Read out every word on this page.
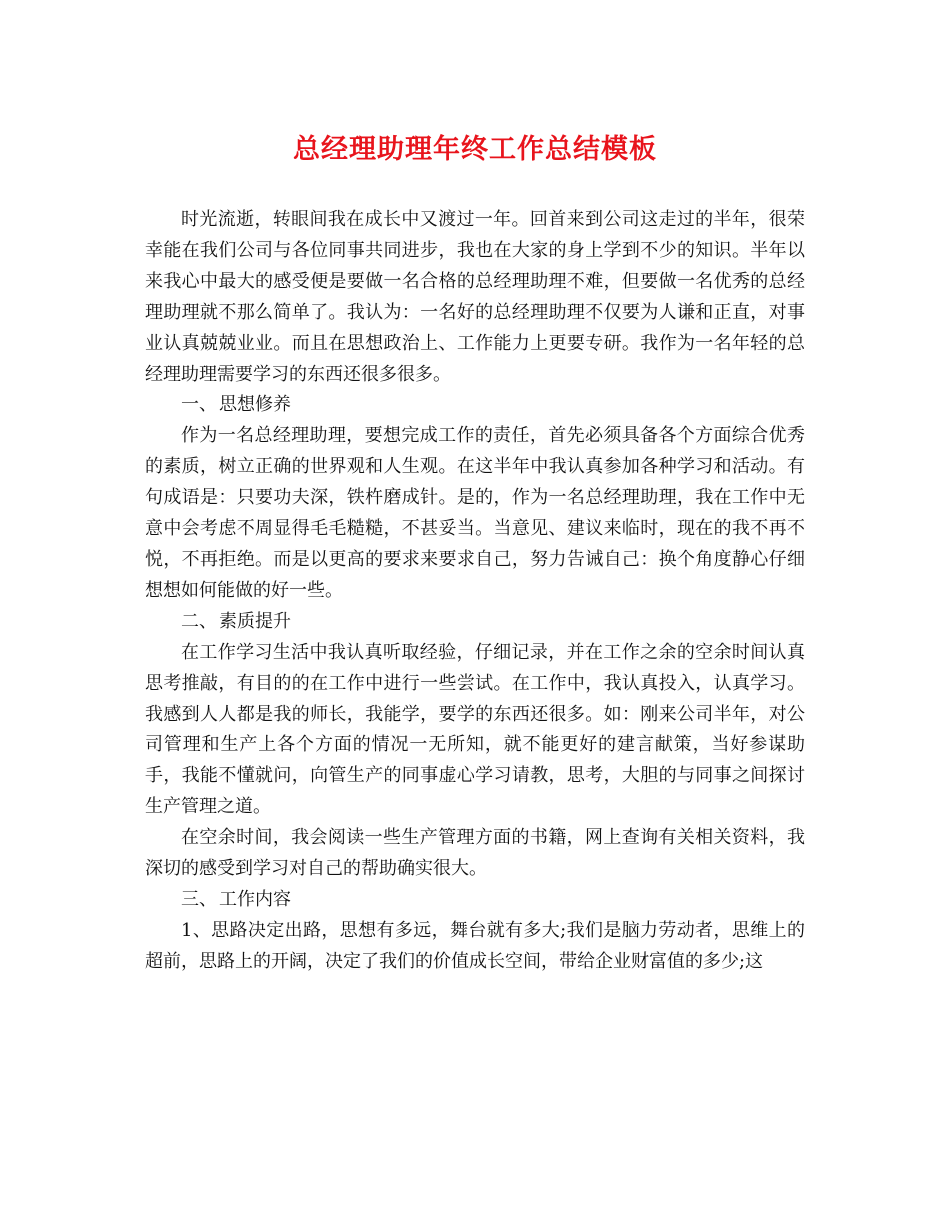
总经理助理年终工作总结模板

时光流逝，转眼间我在成长中又渡过一年。回首来到公司这走过的半年，很荣幸能在我们公司与各位同事共同进步，我也在大家的身上学到不少的知识。半年以来我心中最大的感受便是要做一名合格的总经理助理不难，但要做一名优秀的总经理助理就不那么简单了。我认为：一名好的总经理助理不仅要为人谦和正直，对事业认真兢兢业业。而且在思想政治上、工作能力上更要专研。我作为一名年轻的总经理助理需要学习的东西还很多很多。

一、 思想修养

作为一名总经理助理，要想完成工作的责任，首先必须具备各个方面综合优秀的素质，树立正确的世界观和人生观。在这半年中我认真参加各种学习和活动。有句成语是：只要功夫深，铁杵磨成针。是的，作为一名总经理助理，我在工作中无意中会考虑不周显得毛毛糙糙，不甚妥当。当意见、建议来临时，现在的我不再不悦，不再拒绝。而是以更高的要求来要求自己，努力告诫自己：换个角度静心仔细想想如何能做的好一些。

二、 素质提升

在工作学习生活中我认真听取经验，仔细记录，并在工作之余的空余时间认真思考推敲，有目的的在工作中进行一些尝试。在工作中，我认真投入，认真学习。我感到人人都是我的师长，我能学，要学的东西还很多。如：刚来公司半年，对公司管理和生产上各个方面的情况一无所知，就不能更好的建言献策，当好参谋助手，我能不懂就问，向管生产的同事虚心学习请教，思考，大胆的与同事之间探讨生产管理之道。

在空余时间，我会阅读一些生产管理方面的书籍，网上查询有关相关资料，我深切的感受到学习对自己的帮助确实很大。

三、 工作内容

1、思路决定出路，思想有多远，舞台就有多大;我们是脑力劳动者，思维上的超前，思路上的开阔，决定了我们的价值成长空间，带给企业财富值的多少;这
